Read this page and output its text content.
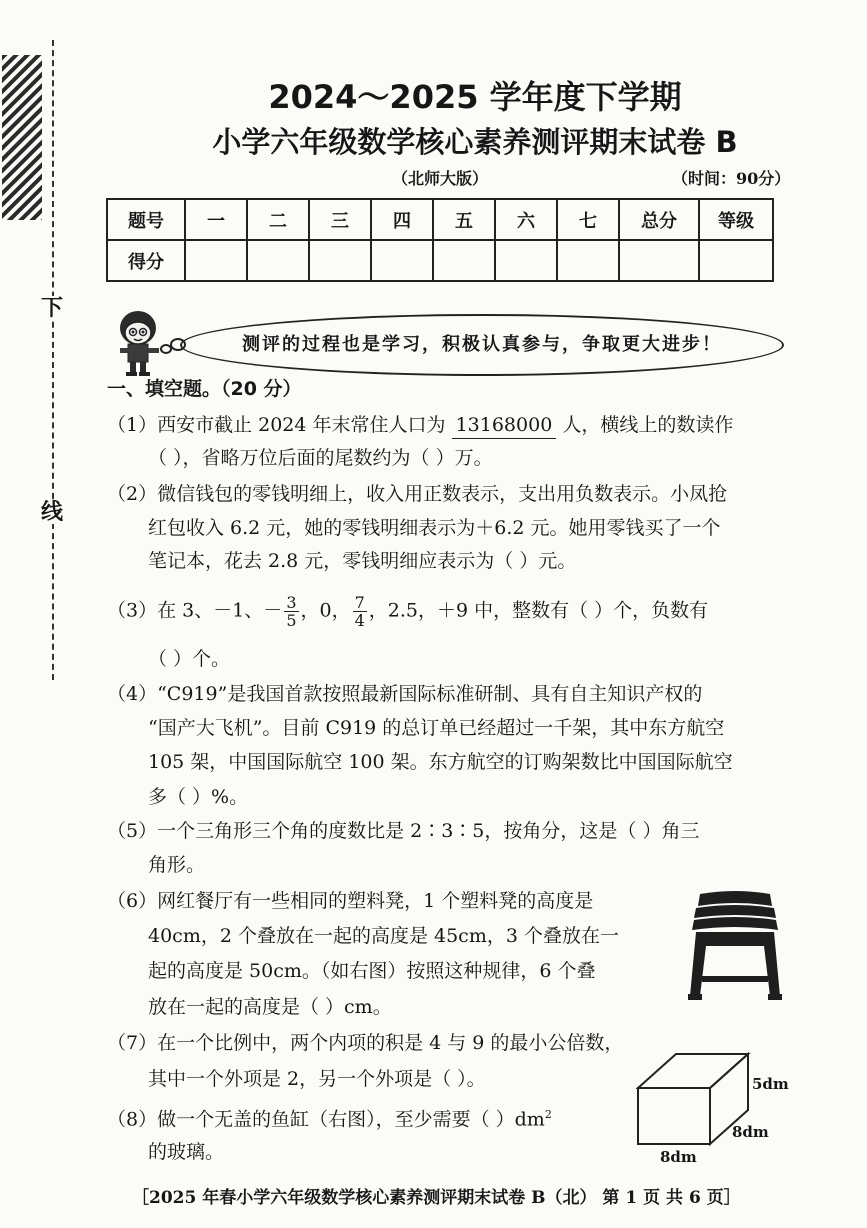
下
线
2024～2025 学年度下学期
小学六年级数学核心素养测评期末试卷 B
（北师大版）	（时间：90分）
题号	一	二	三	四	五	六	七	总分	等级
得分									
测评的过程也是学习，积极认真参与，争取更大进步！
一、填空题。（20 分）
（1）西安市截止 2024 年末常住人口为 13168000 人，横线上的数读作
（ ），省略万位后面的尾数约为（ ）万。
（2）微信钱包的零钱明细上，收入用正数表示，支出用负数表示。小凤抢
红包收入 6.2 元，她的零钱明细表示为＋6.2 元。她用零钱买了一个
笔记本，花去 2.8 元，零钱明细应表示为（ ）元。
（3）在 3、－1、－ $\frac{3}{5}$ ，0， $\frac{7}{4}$ ，2.5，＋9 中，整数有（ ）个，负数有
（ ）个。
（4）“C919”是我国首款按照最新国际标准研制、具有自主知识产权的
“国产大飞机”。目前 C919 的总订单已经超过一千架，其中东方航空
105 架，中国国际航空 100 架。东方航空的订购架数比中国国际航空
多（ ）%。
（5）一个三角形三个角的度数比是 2∶3∶5，按角分，这是（ ）角三
角形。
（6）网红餐厅有一些相同的塑料凳，1 个塑料凳的高度是
40cm，2 个叠放在一起的高度是 45cm，3 个叠放在一
起的高度是 50cm。（如右图）按照这种规律，6 个叠
放在一起的高度是（ ）cm。
（7）在一个比例中，两个内项的积是 4 与 9 的最小公倍数，
其中一个外项是 2，另一个外项是（ ）。
（8）做一个无盖的鱼缸（右图），至少需要（ ）$dm^2$
的玻璃。
5dm
8dm
8dm
［2025 年春小学六年级数学核心素养测评期末试卷 B（北） 第 1 页 共 6 页］
